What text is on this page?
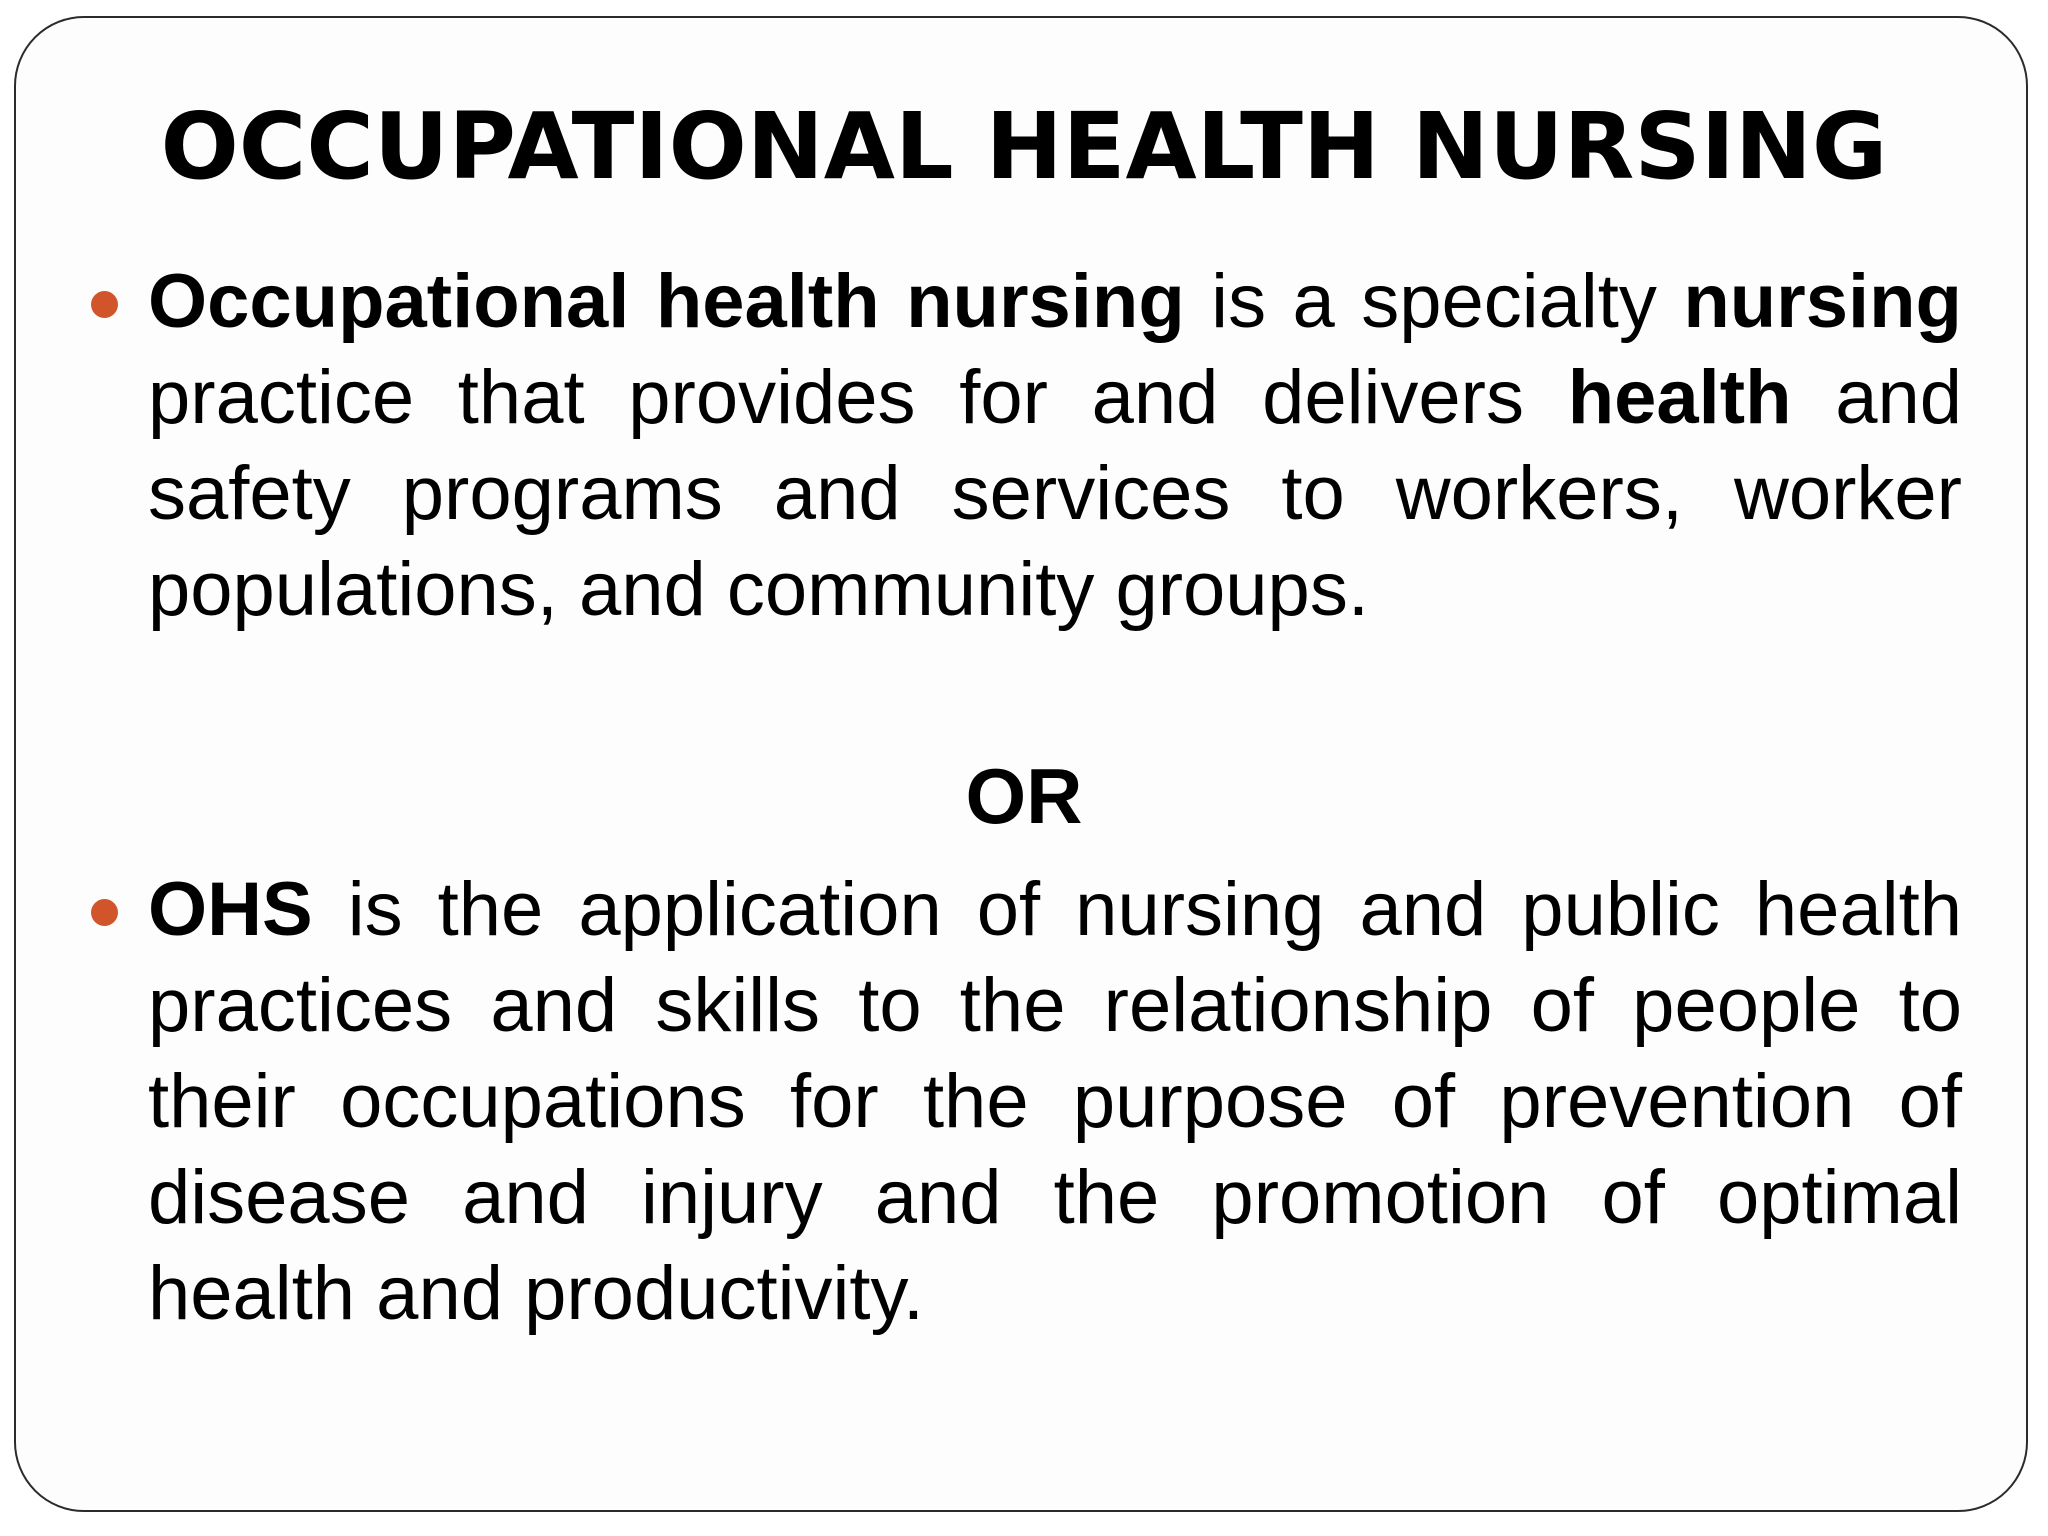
OCCUPATIONAL HEALTH NURSING
Occupational health nursing is a specialty nursing practice that provides for and delivers health and safety programs and services to workers, worker populations, and community groups.
OR
OHS is the application of nursing and public health practices and skills to the relationship of people to their occupations for the purpose of prevention of disease and injury and the promotion of optimal health and productivity.
